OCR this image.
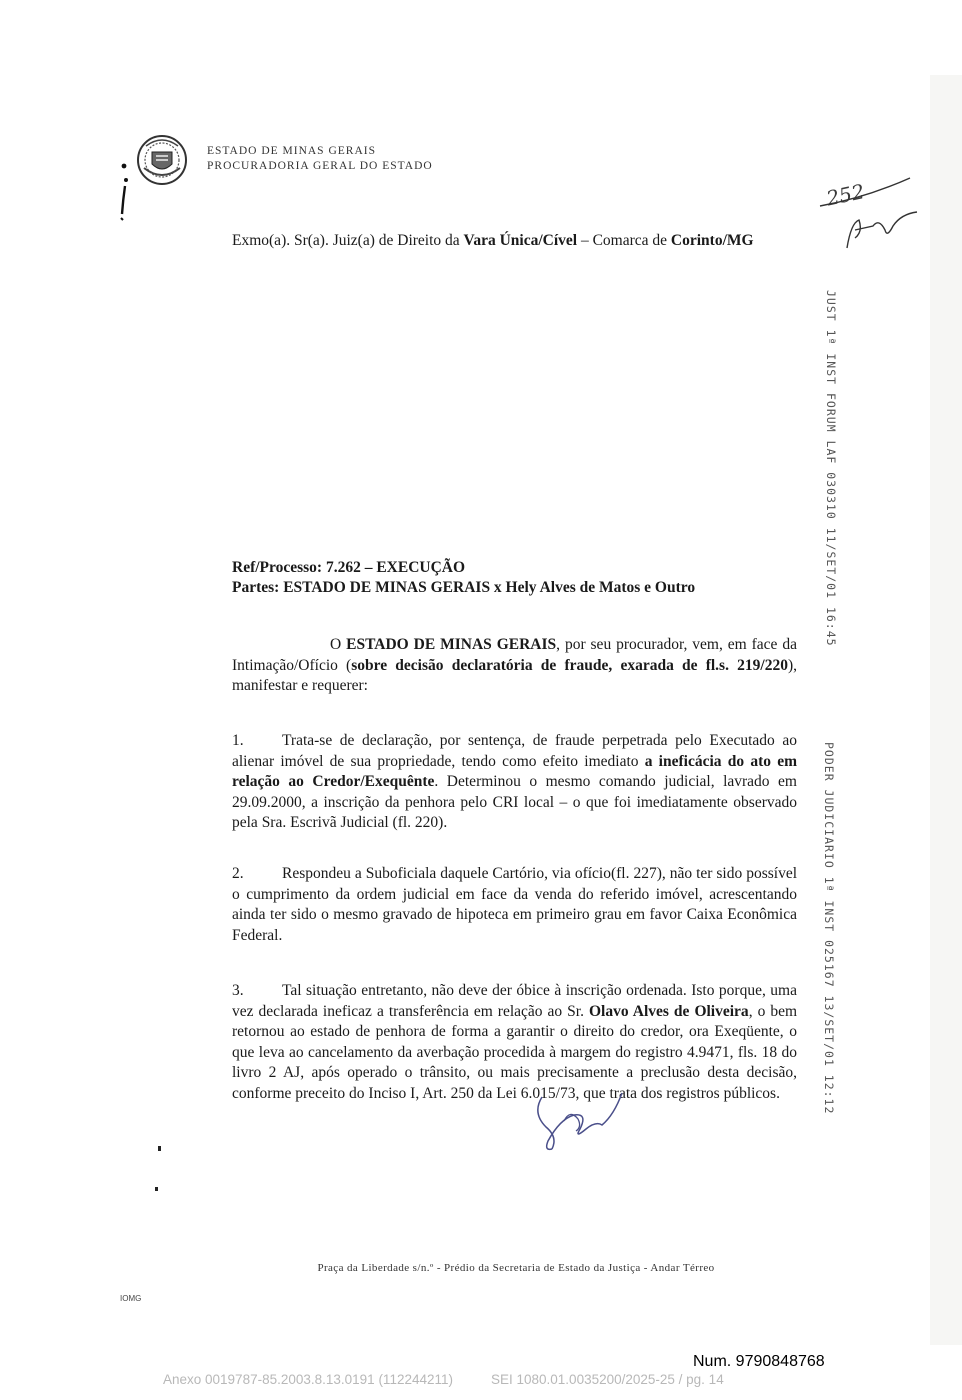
ESTADO DE MINAS GERAIS
PROCURADORIA GERAL DO ESTADO
252
Exmo(a). Sr(a). Juiz(a) de Direito da Vara Única/Cível – Comarca de Corinto/MG
JUST 1ª INST FORUM LAF 030310 11/SET/01 16:45
PODER JUDICIARIO 1ª INST 025167 13/SET/01 12:12
Ref/Processo: 7.262 – EXECUÇÃO
Partes: ESTADO DE MINAS GERAIS x Hely Alves de Matos e Outro
O ESTADO DE MINAS GERAIS, por seu procurador, vem, em face da Intimação/Ofício (sobre decisão declaratória de fraude, exarada de fl.s. 219/220), manifestar e requerer:
1. Trata-se de declaração, por sentença, de fraude perpetrada pelo Executado ao alienar imóvel de sua propriedade, tendo como efeito imediato a ineficácia do ato em relação ao Credor/Exequênte. Determinou o mesmo comando judicial, lavrado em 29.09.2000, a inscrição da penhora pelo CRI local – o que foi imediatamente observado pela Sra. Escrivã Judicial (fl. 220).
2. Respondeu a Suboficiala daquele Cartório, via ofício(fl. 227), não ter sido possível o cumprimento da ordem judicial em face da venda do referido imóvel, acrescentando ainda ter sido o mesmo gravado de hipoteca em primeiro grau em favor Caixa Econômica Federal.
3. Tal situação entretanto, não deve der óbice à inscrição ordenada. Isto porque, uma vez declarada ineficaz a transferência em relação ao Sr. Olavo Alves de Oliveira, o bem retornou ao estado de penhora de forma a garantir o direito do credor, ora Exeqüente, o que leva ao cancelamento da averbação procedida à margem do registro 4.9471, fls. 18 do livro 2 AJ, após operado o trânsito, ou mais precisamente a preclusão desta decisão, conforme preceito do Inciso I, Art. 250 da Lei 6.015/73, que trata dos registros públicos.
Praça da Liberdade s/n.º - Prédio da Secretaria de Estado da Justiça - Andar Térreo
IOMG
Num. 9790848768
Anexo 0019787-85.2003.8.13.0191 (112244211)	SEI 1080.01.0035200/2025-25 / pg. 14
